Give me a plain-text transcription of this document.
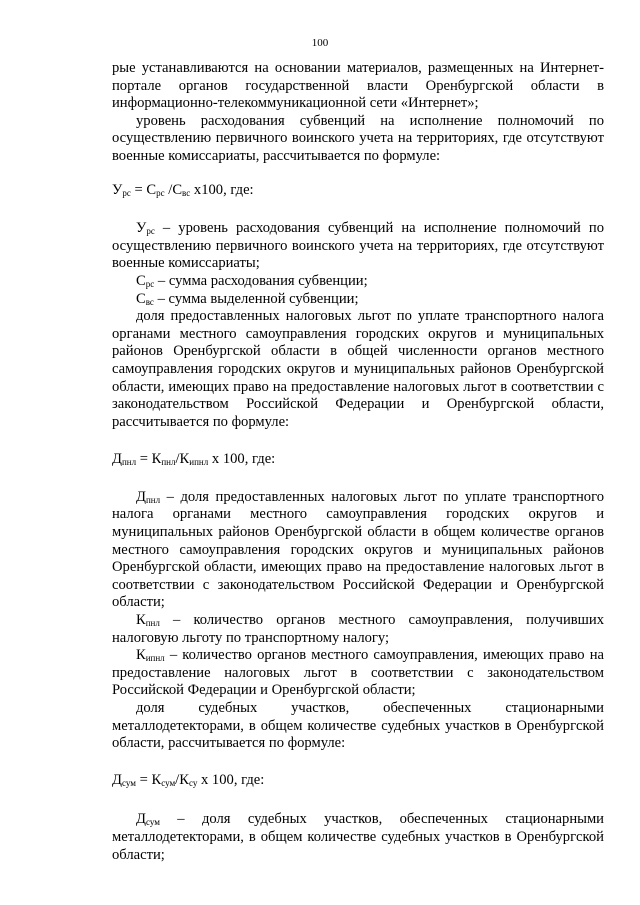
100

рые устанавливаются на основании материалов, размещенных на Интернет-портале органов государственной власти Оренбургской области в информационно-телекоммуникационной сети «Интернет»;

уровень расходования субвенций на исполнение полномочий по осуществлению первичного воинского учета на территориях, где отсутствуют военные комиссариаты, рассчитывается по формуле:

$У_{рс} = С_{рс}$ $/С_{вс}$ х100, где:

$У_{рс}$ – уровень расходования субвенций на исполнение полномочий по осуществлению первичного воинского учета на территориях, где отсутствуют военные комиссариаты;

$С_{рс}$ – сумма расходования субвенции;

$С_{вс}$ – сумма выделенной субвенции;

доля предоставленных налоговых льгот по уплате транспортного налога органами местного самоуправления городских округов и муниципальных районов Оренбургской области в общей численности органов местного самоуправления городских округов и муниципальных районов Оренбургской области, имеющих право на предоставление налоговых льгот в соответствии с законодательством Российской Федерации и Оренбургской области, рассчитывается по формуле:

$Д_{пнл} = К_{пнл}/К_{ипнл}$ х 100, где:

$Д_{пнл}$ – доля предоставленных налоговых льгот по уплате транспортного налога органами местного самоуправления городских округов и муниципальных районов Оренбургской области в общем количестве органов местного самоуправления городских округов и муниципальных районов Оренбургской области, имеющих право на предоставление налоговых льгот в соответствии с законодательством Российской Федерации и Оренбургской области;

$К_{пнл}$ – количество органов местного самоуправления, получивших налоговую льготу по транспортному налогу;

$К_{ипнл}$ – количество органов местного самоуправления, имеющих право на предоставление налоговых льгот в соответствии с законодательством Российской Федерации и Оренбургской области;

доля судебных участков, обеспеченных стационарными металлодетекторами, в общем количестве судебных участков в Оренбургской области, рассчитывается по формуле:

$Д_{сум} = К_{сум}/К_{су}$ х 100, где:

$Д_{сум}$ – доля судебных участков, обеспеченных стационарными металлодетекторами, в общем количестве судебных участков в Оренбургской области;
